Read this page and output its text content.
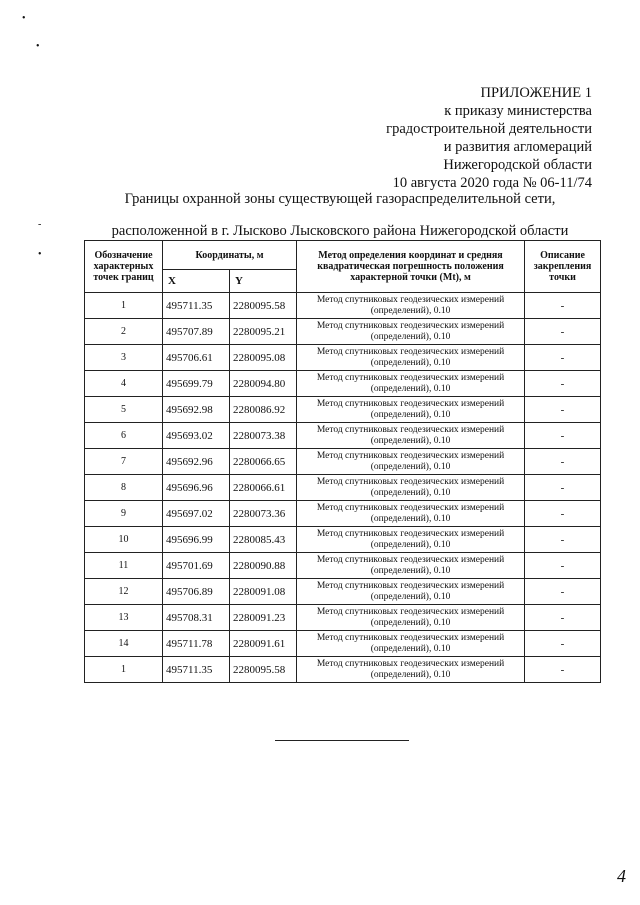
•
•
-
•
ПРИЛОЖЕНИЕ 1
к приказу министерства
градостроительной деятельности
и развития агломераций
Нижегородской области
10 августа 2020 года № 06-11/74
Границы охранной зоны существующей газораспределительной сети,
расположенной в г. Лысково Лысковского района Нижегородской области
Обозначение характерных точек границ	Координаты, м		Метод определения координат и средняя квадратическая погрешность положения характерной точки (Mt), м	Описание закрепления точки
	X	Y		
1	495711.35	2280095.58	Метод спутниковых геодезических измерений (определений), 0.10	-
2	495707.89	2280095.21	Метод спутниковых геодезических измерений (определений), 0.10	-
3	495706.61	2280095.08	Метод спутниковых геодезических измерений (определений), 0.10	-
4	495699.79	2280094.80	Метод спутниковых геодезических измерений (определений), 0.10	-
5	495692.98	2280086.92	Метод спутниковых геодезических измерений (определений), 0.10	-
6	495693.02	2280073.38	Метод спутниковых геодезических измерений (определений), 0.10	-
7	495692.96	2280066.65	Метод спутниковых геодезических измерений (определений), 0.10	-
8	495696.96	2280066.61	Метод спутниковых геодезических измерений (определений), 0.10	-
9	495697.02	2280073.36	Метод спутниковых геодезических измерений (определений), 0.10	-
10	495696.99	2280085.43	Метод спутниковых геодезических измерений (определений), 0.10	-
11	495701.69	2280090.88	Метод спутниковых геодезических измерений (определений), 0.10	-
12	495706.89	2280091.08	Метод спутниковых геодезических измерений (определений), 0.10	-
13	495708.31	2280091.23	Метод спутниковых геодезических измерений (определений), 0.10	-
14	495711.78	2280091.61	Метод спутниковых геодезических измерений (определений), 0.10	-
1	495711.35	2280095.58	Метод спутниковых геодезических измерений (определений), 0.10	-
4
